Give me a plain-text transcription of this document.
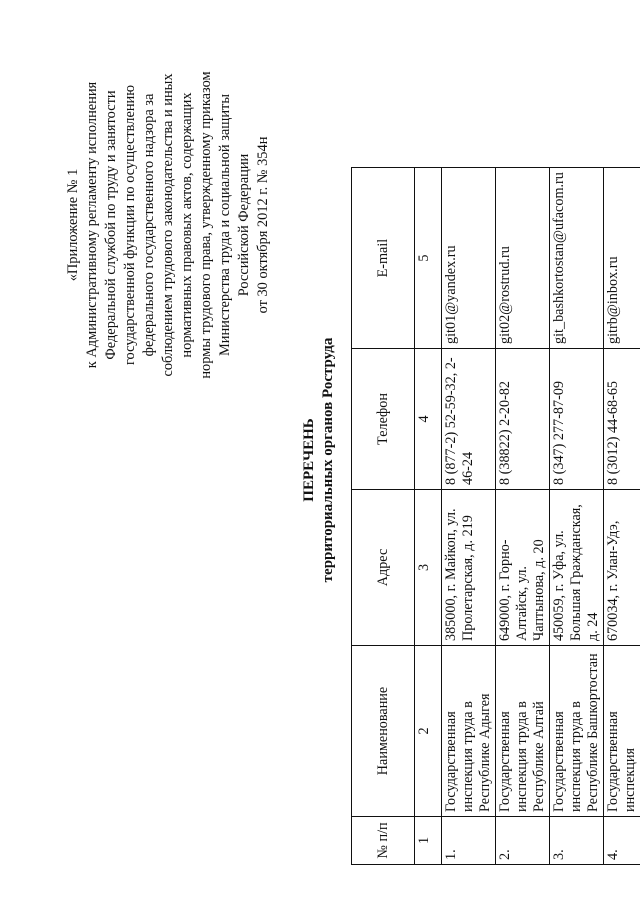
«Приложение № 1 к Административному регламенту исполнения Федеральной службой по труду и занятости государственной функции по осуществлению федерального государственного надзора за соблюдением трудового законодательства и иных нормативных правовых актов, содержащих нормы трудового права, утвержденному приказом Министерства труда и социальной защиты Российской Федерации от 30 октября 2012 г. № 354н
ПЕРЕЧЕНЬ территориальных органов Роструда
№ п/п	Наименование	Адрес	Телефон	E-mail
1	2	3	4	5
1.	Государственная инспекция труда в Республике Адыгея	385000, г. Майкоп, ул. Пролетарская, д. 219	8 (877-2) 52-59-32, 2-46-24	git01@yandex.ru
2.	Государственная инспекция труда в Республике Алтай	649000, г. Горно-Алтайск, ул. Чаптынова, д. 20	8 (38822) 2-20-82	git02@rostrud.ru
3.	Государственная инспекция труда в Республике Башкортостан	450059, г. Уфа, ул. Большая Гражданская, д. 24	8 (347) 277-87-09	git_bashkortostan@ufacom.ru
4.	Государственная инспекция	670034, г. Улан-Удэ,	8 (3012) 44-68-65	gitrb@inbox.ru
